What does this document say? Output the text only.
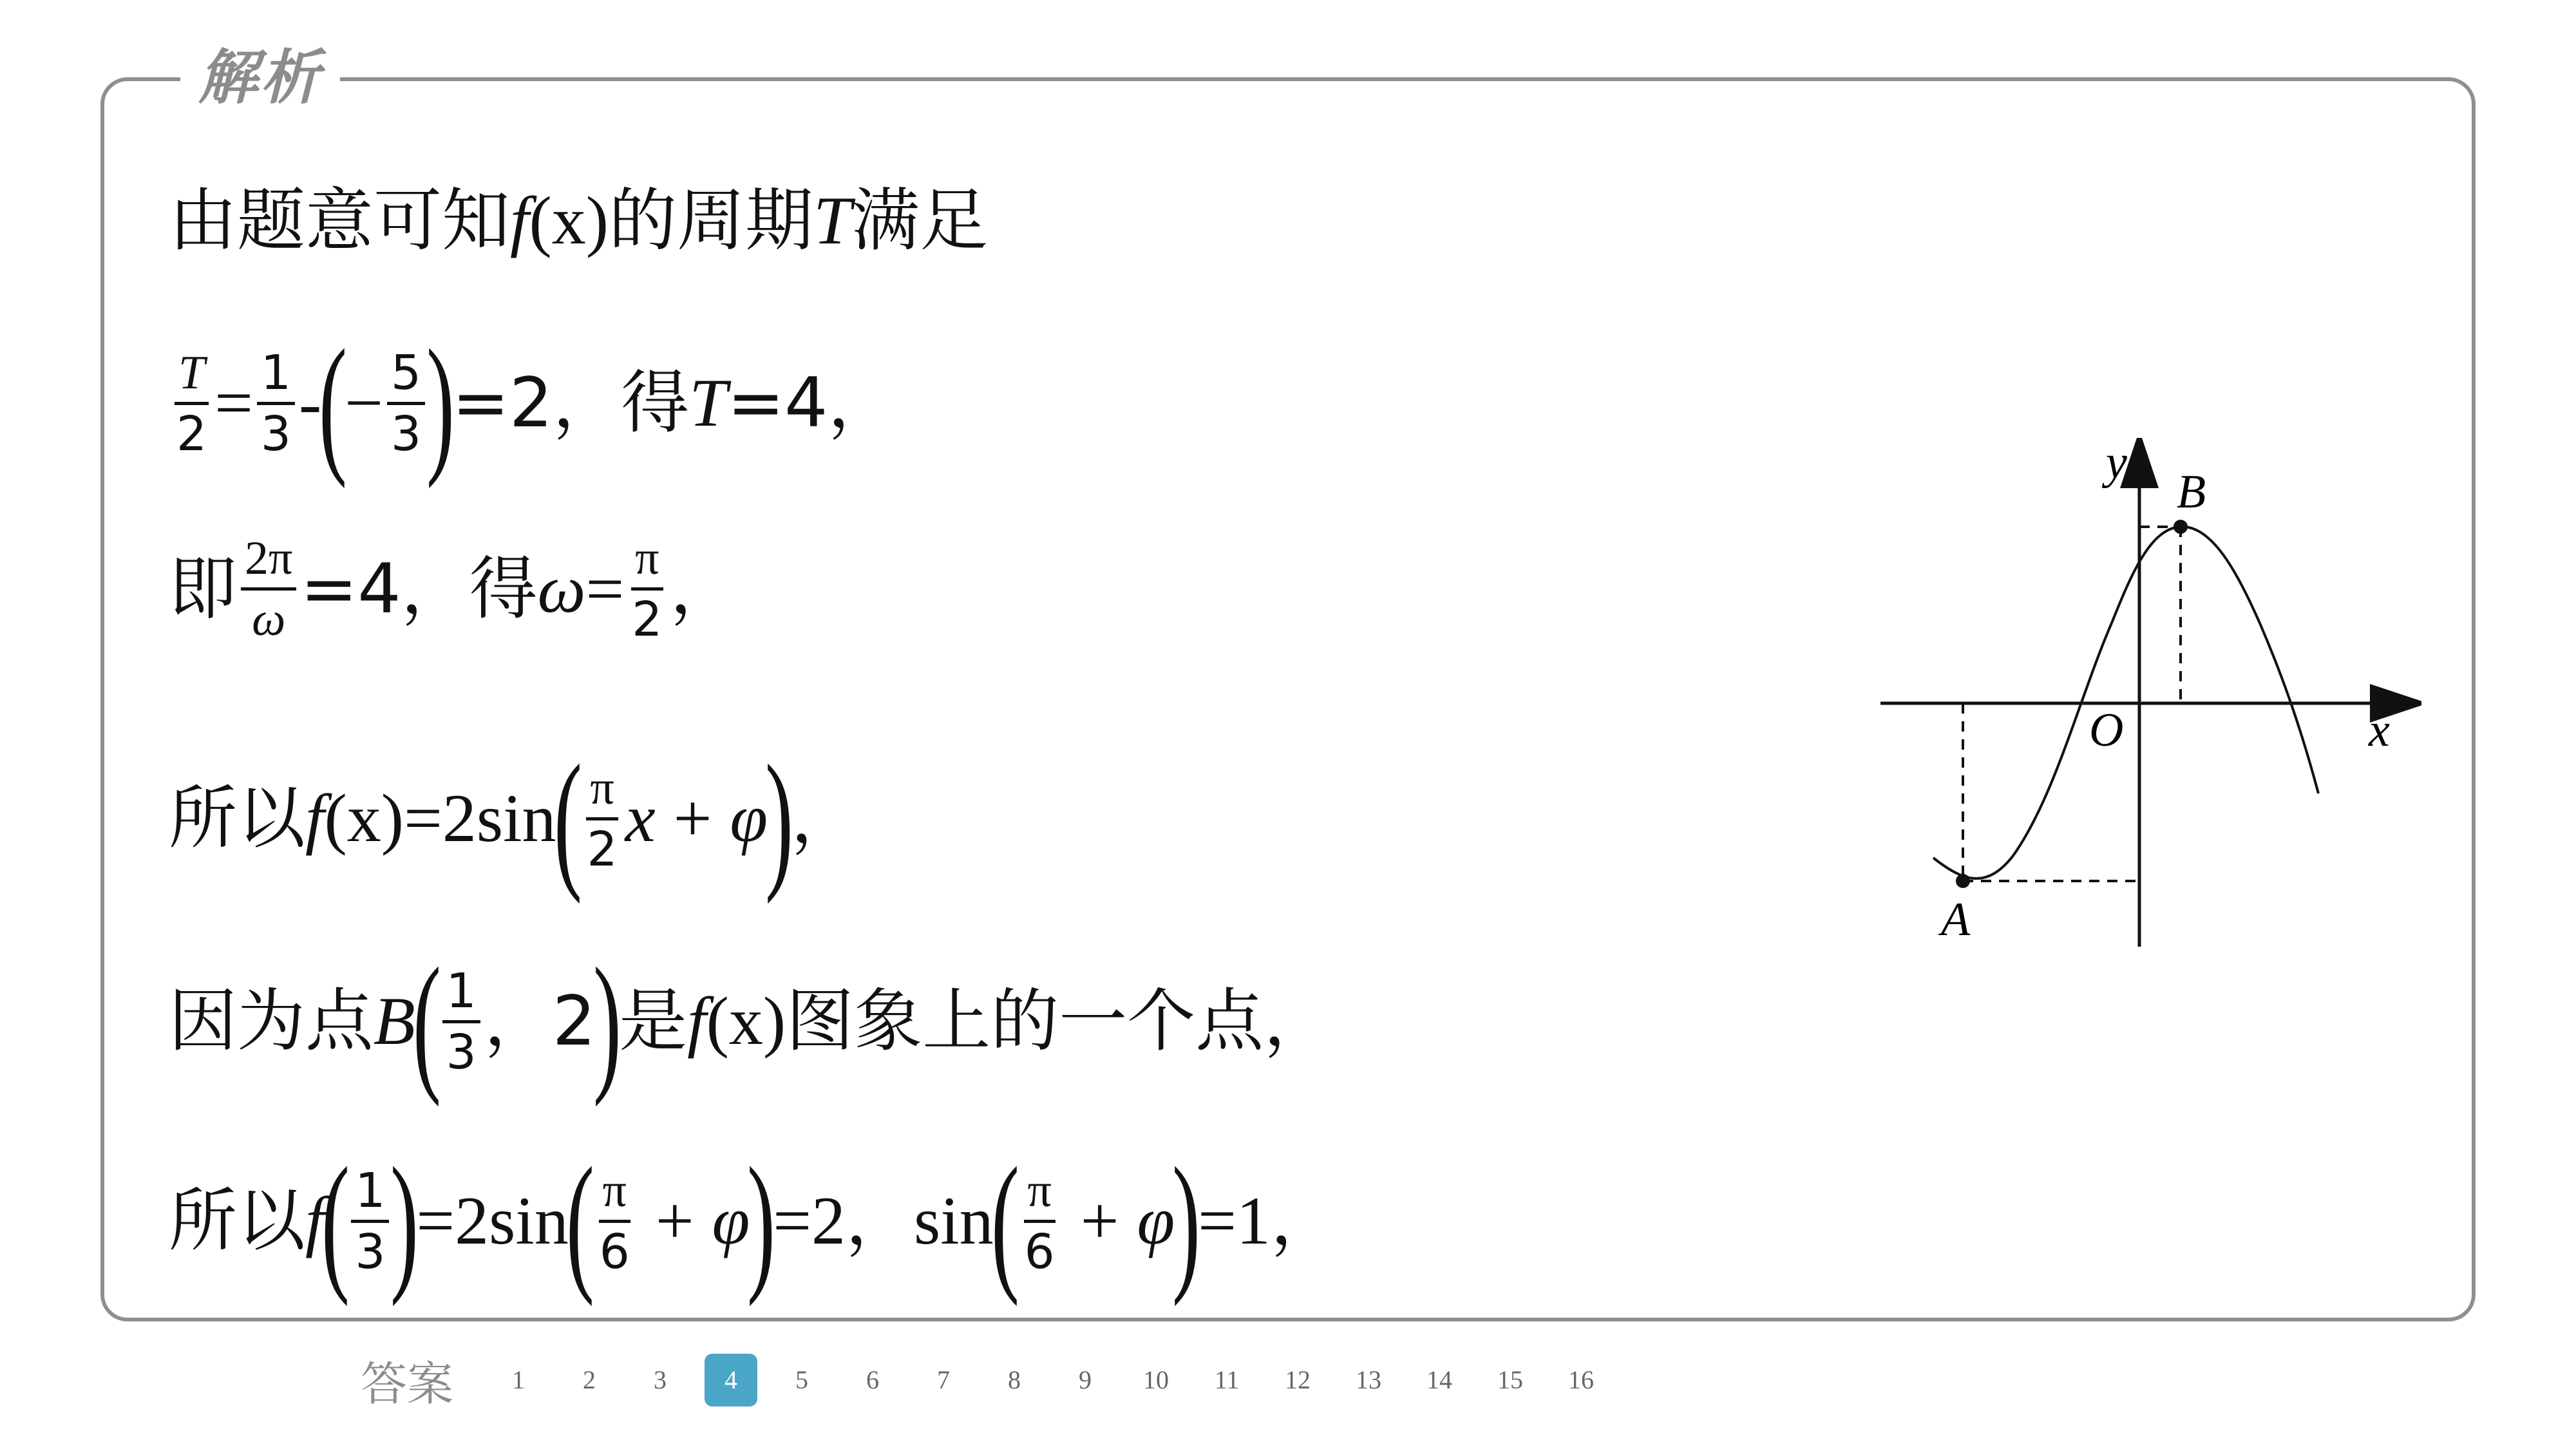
解析
由题意可知 f (x) 的周期 T 满足
$\frac{T}{2} = \frac{1}{3}$ -
(
− $\frac{5}{3}$ )
=2，得 T =4，
即 $\frac{2\pi}{\omega} =4$，得 $\omega = \frac{\pi}{2}$ ，
所以 f (x) =2sin
( $\frac{\pi}{2}$ x + φ
)
，
因为点 B
( $\frac{1}{3}$ ， 2
)
是 f (x) 图象上的一个点，
所以 f
( $\frac{1}{3}$ )
=2sin
( $\frac{\pi}{6} + \varphi$
)
=2，sin
( $\frac{\pi}{6} + \varphi$
)
=1，
y
x
O
A
B
答案	1	2	3	4	5	6	7	8	9	10	11	12	13	14	15	16
